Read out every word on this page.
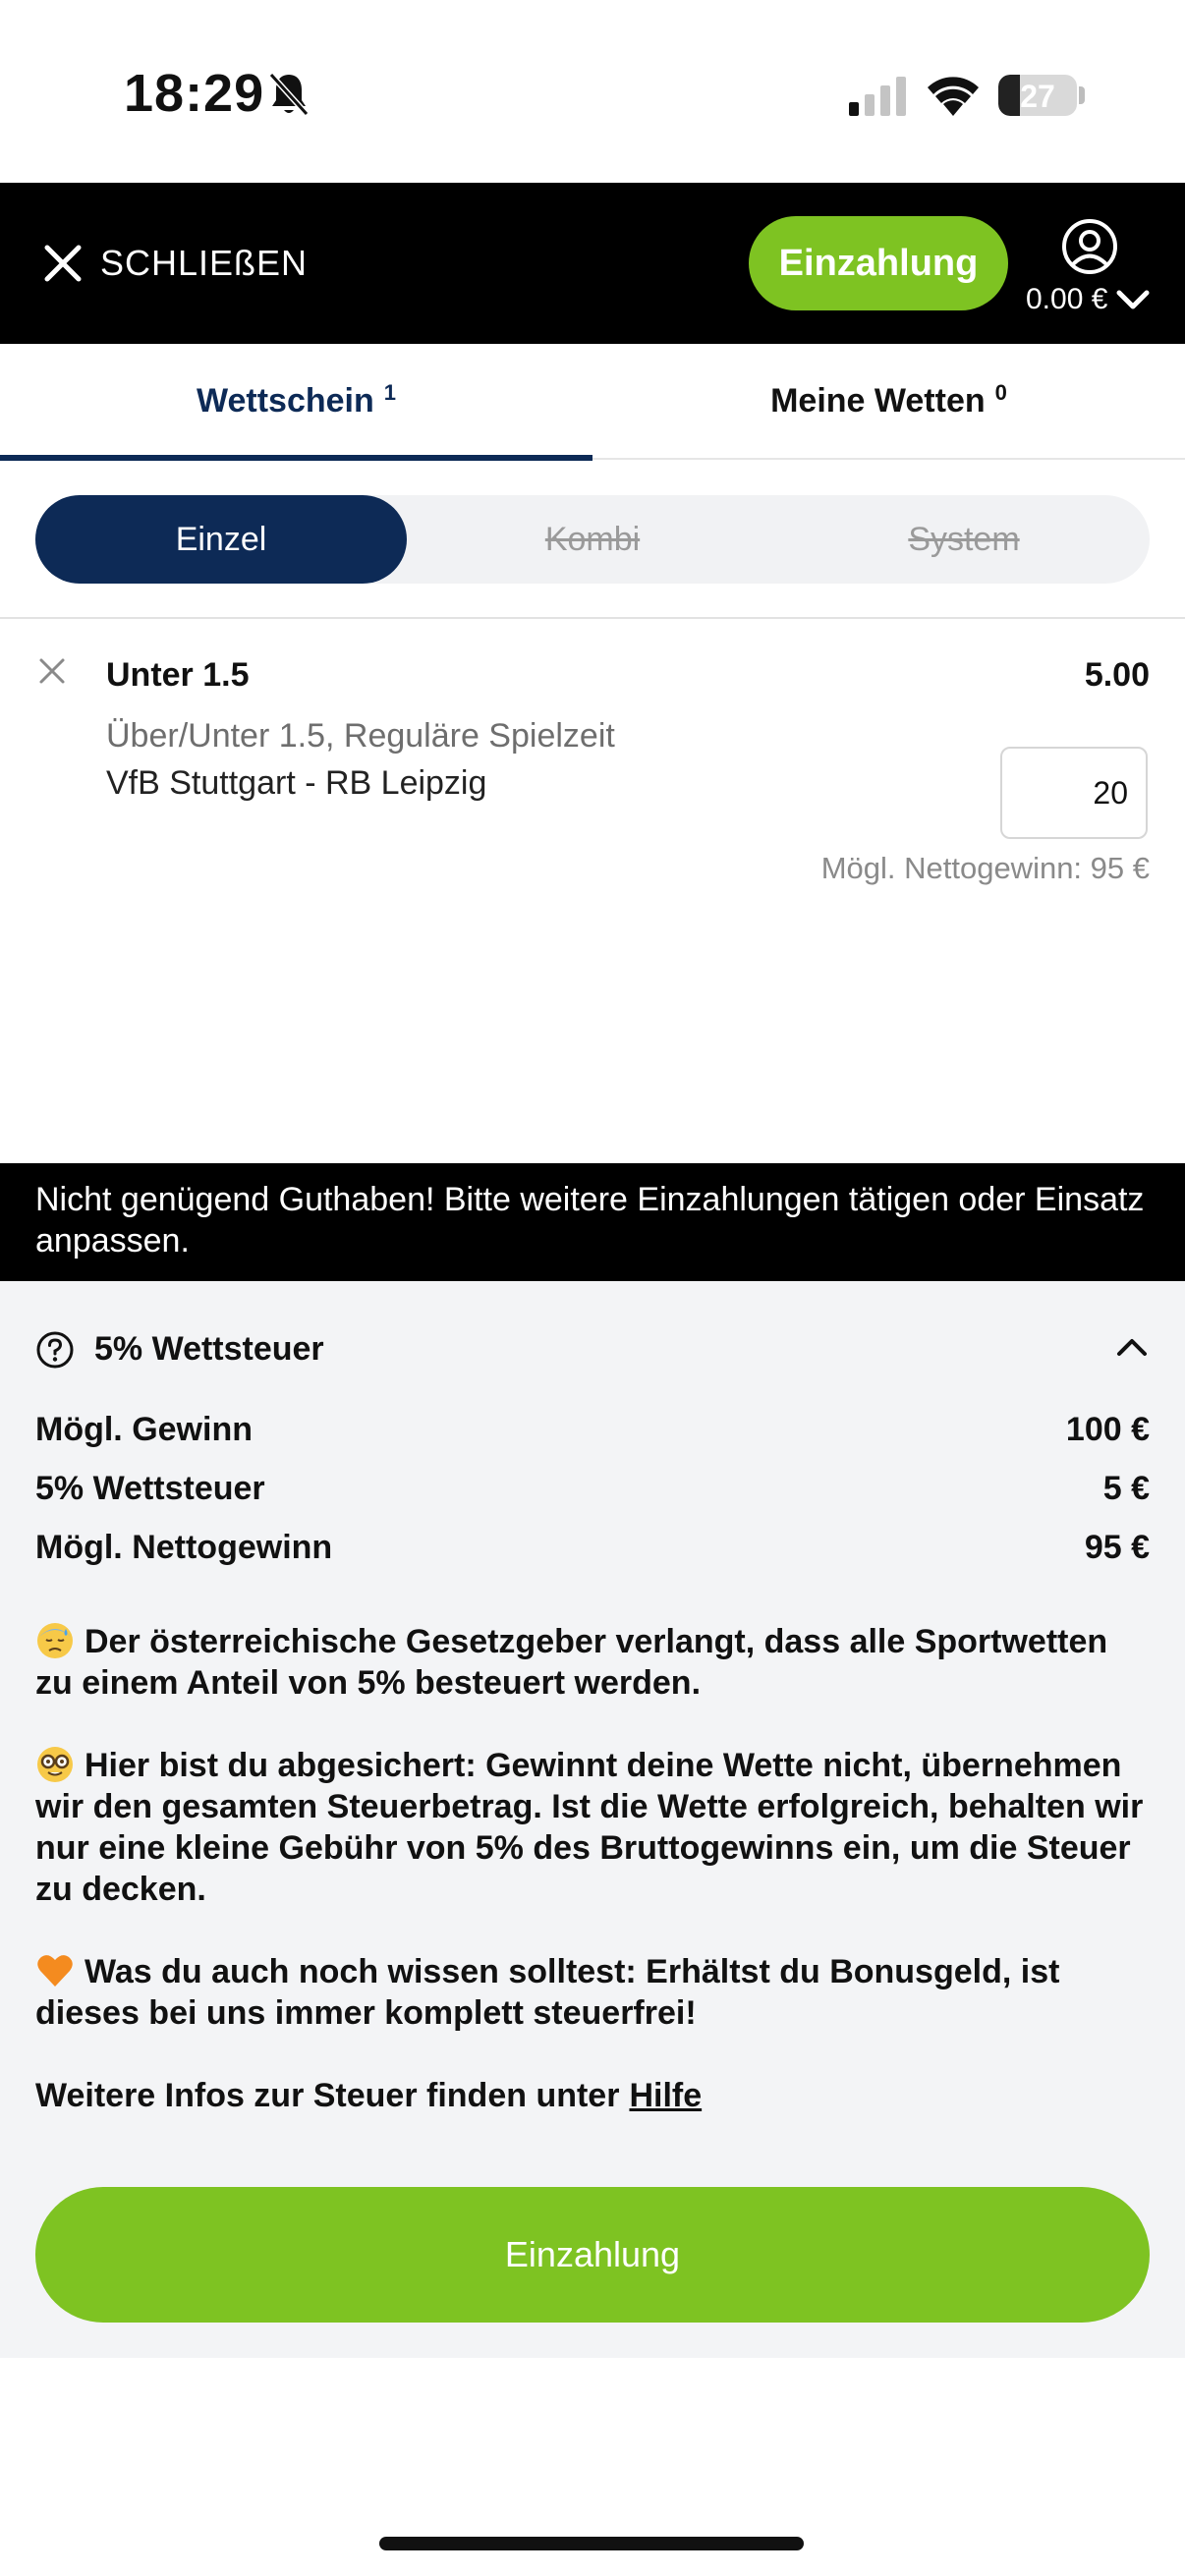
18:29	27
SCHLIEßEN	Einzahlung
0.00 €
Wettschein 1	Meine Wetten 0
Einzel	Kombi	System
Unter 1.5	5.00
Über/Unter 1.5, Reguläre Spielzeit
VfB Stuttgart - RB Leipzig
20
Mögl. Nettogewinn: 95 €
Nicht genügend Guthaben! Bitte weitere Einzahlungen tätigen oder Einsatz anpassen.
5% Wettsteuer
Mögl. Gewinn	100 €
5% Wettsteuer	5 €
Mögl. Nettogewinn	95 €
Der österreichische Gesetzgeber verlangt, dass alle Sportwetten zu einem Anteil von 5% besteuert werden.
Hier bist du abgesichert: Gewinnt deine Wette nicht, übernehmen wir den gesamten Steuerbetrag. Ist die Wette erfolgreich, behalten wir nur eine kleine Gebühr von 5% des Bruttogewinns ein, um die Steuer zu decken.
Was du auch noch wissen solltest: Erhältst du Bonusgeld, ist dieses bei uns immer komplett steuerfrei!
Weitere Infos zur Steuer finden unter Hilfe
Einzahlung
